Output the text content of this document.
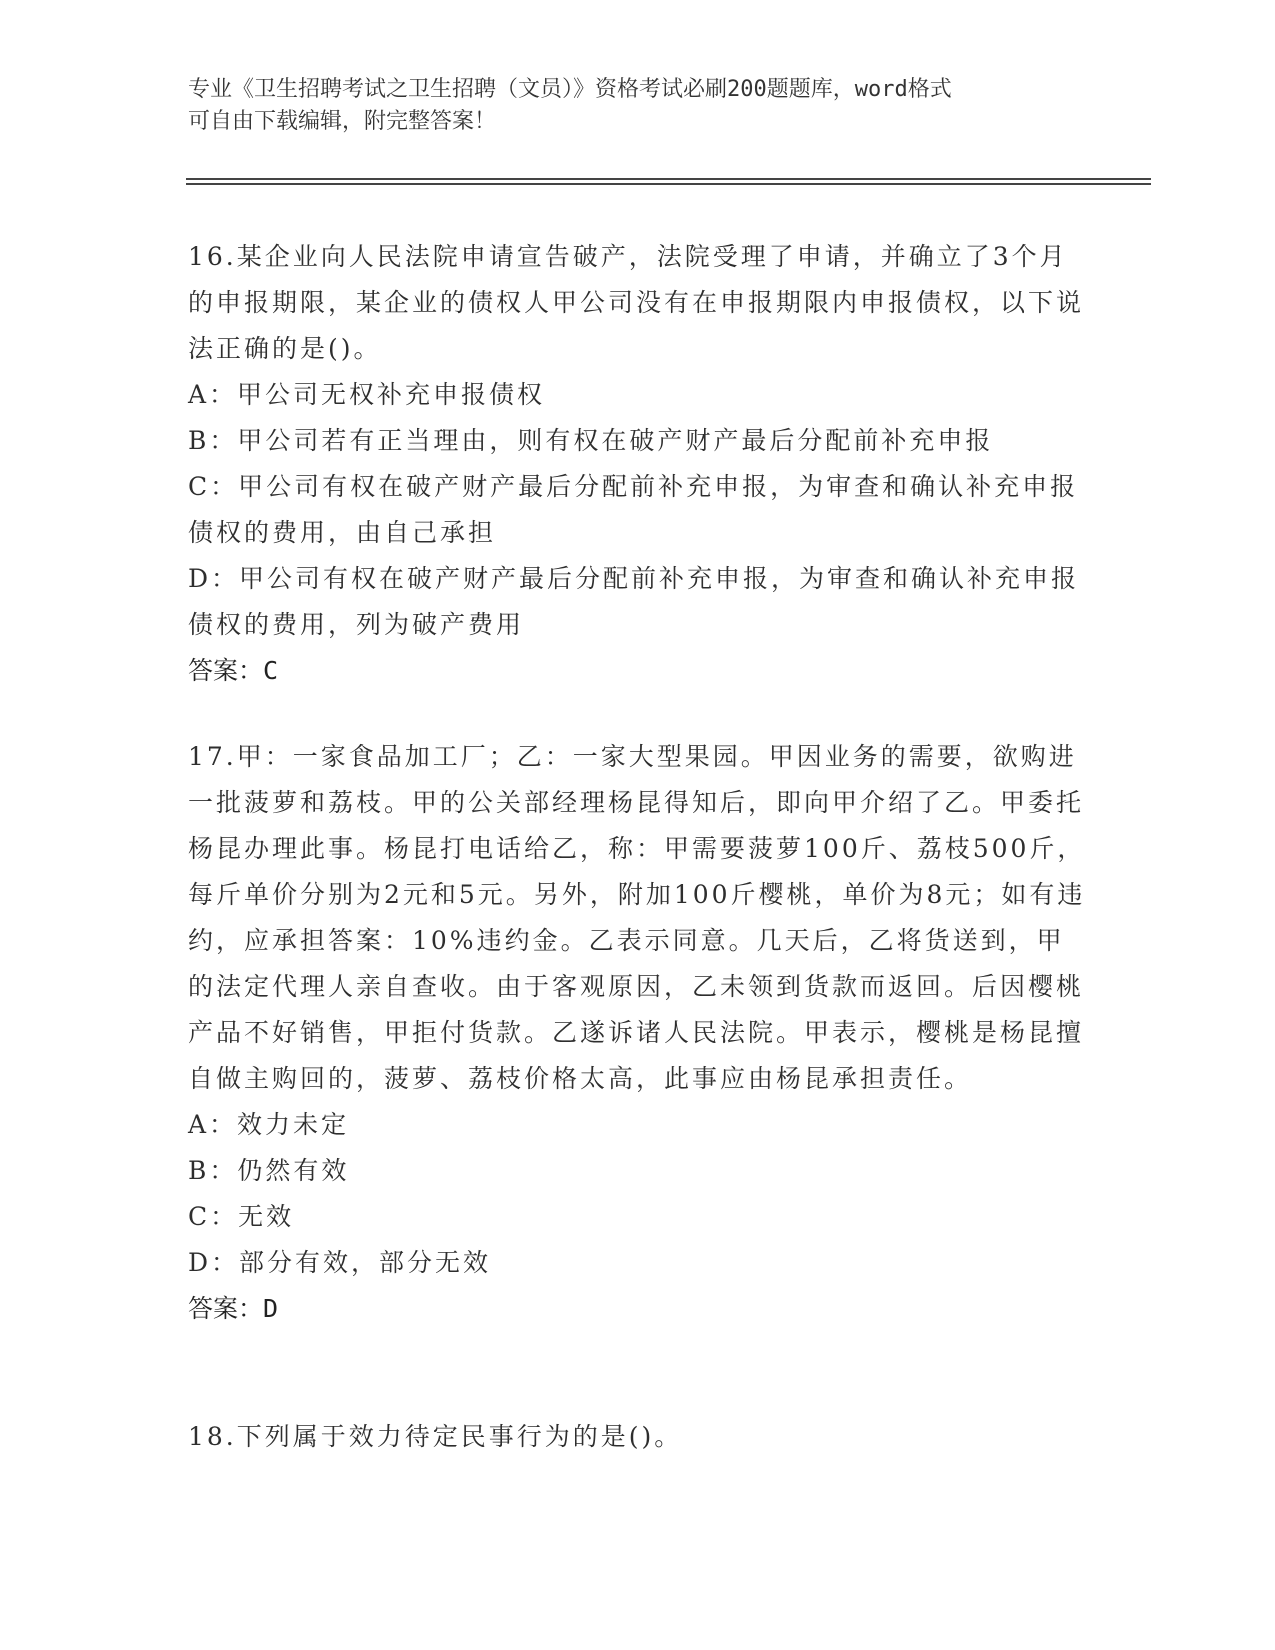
专业《卫生招聘考试之卫生招聘（文员）》资格考试必刷200题题库，word格式
可自由下载编辑，附完整答案！

16.某企业向人民法院申请宣告破产，法院受理了申请，并确立了3个月的申报期限，某企业的债权人甲公司没有在申报期限内申报债权，以下说法正确的是()。

A：甲公司无权补充申报债权

B：甲公司若有正当理由，则有权在破产财产最后分配前补充申报

C：甲公司有权在破产财产最后分配前补充申报，为审查和确认补充申报债权的费用，由自己承担

D：甲公司有权在破产财产最后分配前补充申报，为审查和确认补充申报债权的费用，列为破产费用

答案：C

17.甲：一家食品加工厂；乙：一家大型果园。甲因业务的需要，欲购进一批菠萝和荔枝。甲的公关部经理杨昆得知后，即向甲介绍了乙。甲委托杨昆办理此事。杨昆打电话给乙，称：甲需要菠萝100斤、荔枝500斤，每斤单价分别为2元和5元。另外，附加100斤樱桃，单价为8元；如有违约，应承担答案：10%违约金。乙表示同意。几天后，乙将货送到，甲的法定代理人亲自查收。由于客观原因，乙未领到货款而返回。后因樱桃产品不好销售，甲拒付货款。乙遂诉诸人民法院。甲表示，樱桃是杨昆擅自做主购回的，菠萝、荔枝价格太高，此事应由杨昆承担责任。

A：效力未定

B：仍然有效

C：无效

D：部分有效，部分无效

答案：D

18.下列属于效力待定民事行为的是()。
